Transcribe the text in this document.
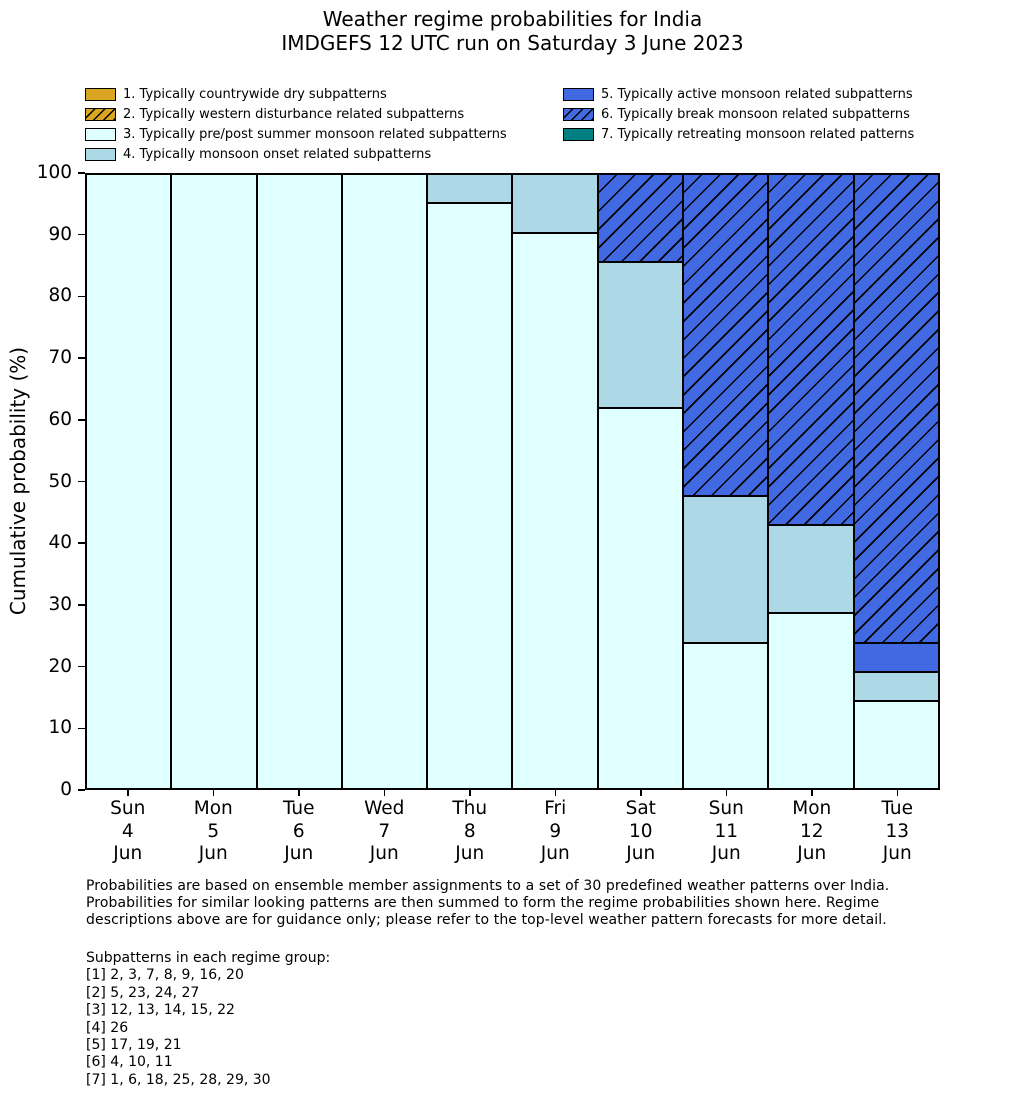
Weather regime probabilities for India
IMDGEFS 12 UTC run on Saturday 3 June 2023
1. Typically countrywide dry subpatterns
2. Typically western disturbance related subpatterns
3. Typically pre/post summer monsoon related subpatterns
4. Typically monsoon onset related subpatterns
5. Typically active monsoon related subpatterns
6. Typically break monsoon related subpatterns
7. Typically retreating monsoon related patterns
Cumulative probability (%)
0
10
20
30
40
50
60
70
80
90
100
Sun
4
Jun
Mon
5
Jun
Tue
6
Jun
Wed
7
Jun
Thu
8
Jun
Fri
9
Jun
Sat
10
Jun
Sun
11
Jun
Mon
12
Jun
Tue
13
Jun
Probabilities are based on ensemble member assignments to a set of 30 predefined weather patterns over India.
Probabilities for similar looking patterns are then summed to form the regime probabilities shown here. Regime
descriptions above are for guidance only; please refer to the top-level weather pattern forecasts for more detail.
Subpatterns in each regime group:
[1] 2, 3, 7, 8, 9, 16, 20
[2] 5, 23, 24, 27
[3] 12, 13, 14, 15, 22
[4] 26
[5] 17, 19, 21
[6] 4, 10, 11
[7] 1, 6, 18, 25, 28, 29, 30
